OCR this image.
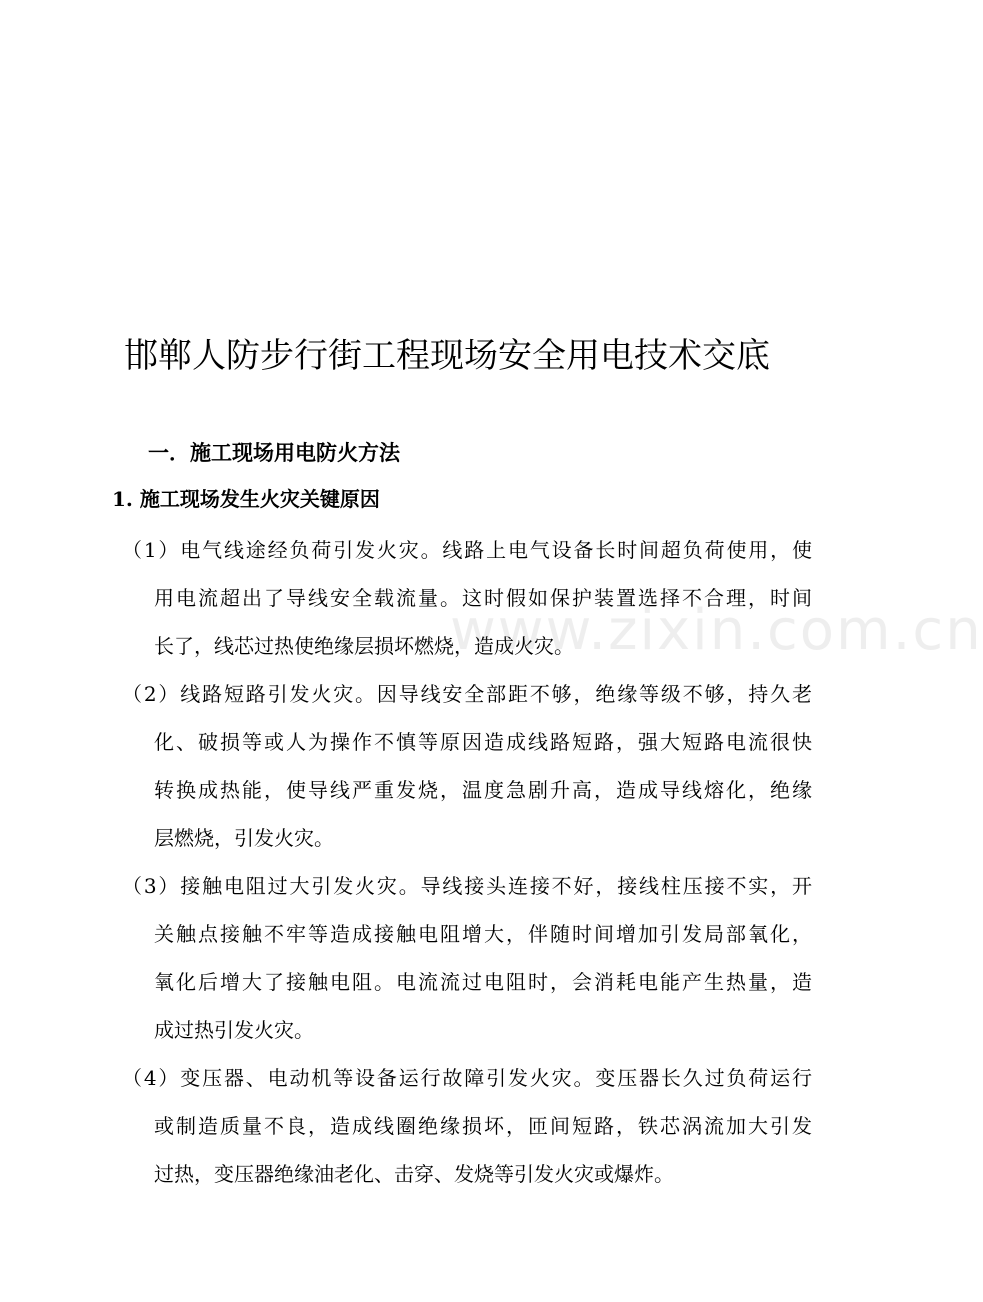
邯郸人防步行街工程现场安全用电技术交底
一．施工现场用电防火方法
1. 施工现场发生火灾关键原因

（1）电气线途经负荷引发火灾。线路上电气设备长时间超负荷使用，使
用电流超出了导线安全载流量。这时假如保护装置选择不合理，时间
长了，线芯过热使绝缘层损坏燃烧，造成火灾。

（2）线路短路引发火灾。因导线安全部距不够，绝缘等级不够，持久老
化、破损等或人为操作不慎等原因造成线路短路，强大短路电流很快
转换成热能，使导线严重发烧，温度急剧升高，造成导线熔化，绝缘
层燃烧，引发火灾。

（3）接触电阻过大引发火灾。导线接头连接不好，接线柱压接不实，开
关触点接触不牢等造成接触电阻增大，伴随时间增加引发局部氧化，
氧化后增大了接触电阻。电流流过电阻时，会消耗电能产生热量，造
成过热引发火灾。

（4）变压器、电动机等设备运行故障引发火灾。变压器长久过负荷运行
或制造质量不良，造成线圈绝缘损坏，匝间短路，铁芯涡流加大引发
过热，变压器绝缘油老化、击穿、发烧等引发火灾或爆炸。

www.zixin.com.cn
